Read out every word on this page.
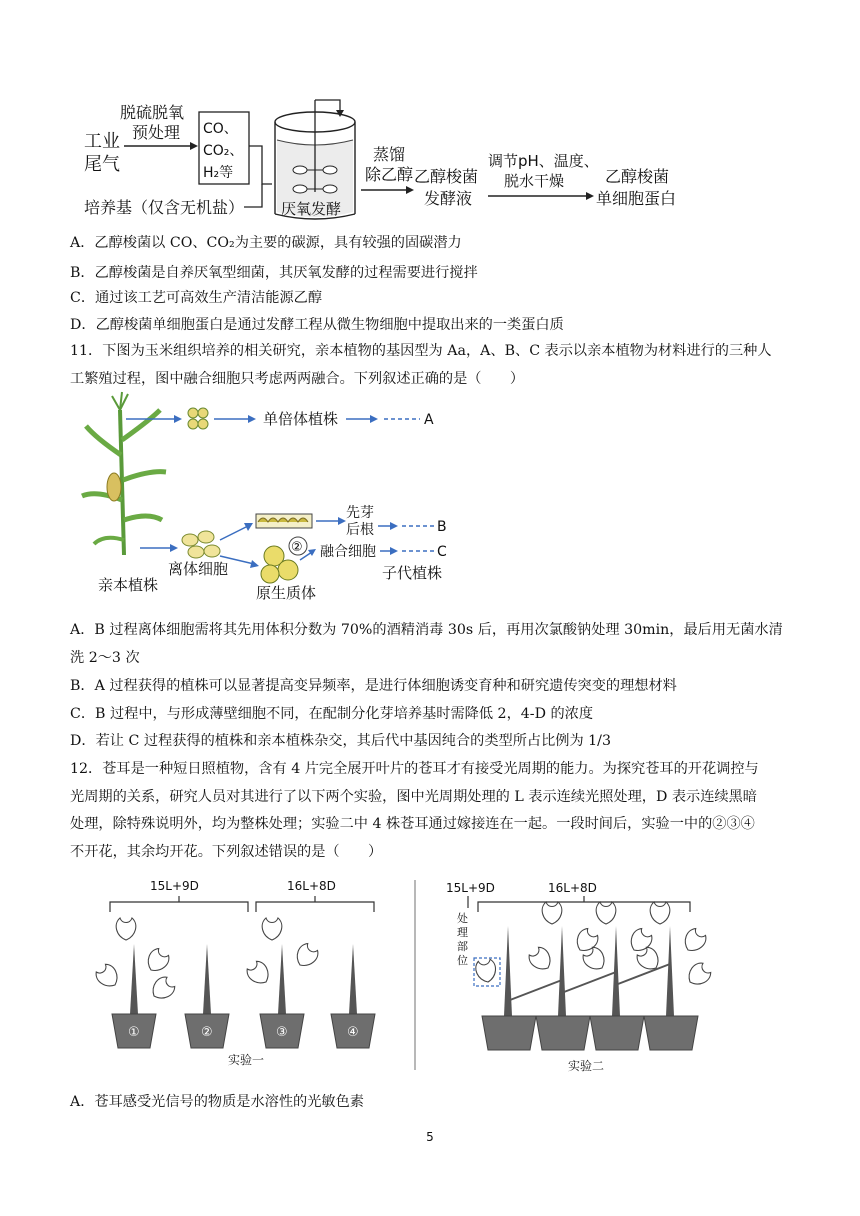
工业
尾气
脱硫脱氧
预处理 CO、
CO₂、
H₂等
培养基（仅含无机盐） 厌氧发酵
蒸馏
除乙醇 乙醇梭菌
发酵液
调节pH、温度、
脱水干燥	乙醇梭菌
单细胞蛋白
A．乙醇梭菌以 CO、CO₂为主要的碳源，具有较强的固碳潜力
B．乙醇梭菌是自养厌氧型细菌，其厌氧发酵的过程需要进行搅拌
C．通过该工艺可高效生产清洁能源乙醇
D．乙醇梭菌单细胞蛋白是通过发酵工程从微生物细胞中提取出来的一类蛋白质
11．下图为玉米组织培养的相关研究，亲本植物的基因型为 Aa，A、B、C 表示以亲本植物为材料进行的三种人
工繁殖过程，图中融合细胞只考虑两两融合。下列叙述正确的是（　　）
单倍体植株	A
先芽
后根	B
② 融合细胞	C
亲本植株
离体细胞
原生质体
子代植株
A．B 过程离体细胞需将其先用体积分数为 70%的酒精消毒 30s 后，再用次氯酸钠处理 30min，最后用无菌水清
洗 2～3 次
B．A 过程获得的植株可以显著提高变异频率，是进行体细胞诱变育种和研究遗传突变的理想材料
C．B 过程中，与形成薄壁细胞不同，在配制分化芽培养基时需降低 2，4-D 的浓度
D．若让 C 过程获得的植株和亲本植株杂交，其后代中基因纯合的类型所占比例为 1/3
12．苍耳是一种短日照植物，含有 4 片完全展开叶片的苍耳才有接受光周期的能力。为探究苍耳的开花调控与
光周期的关系，研究人员对其进行了以下两个实验，图中光周期处理的 L 表示连续光照处理，D 表示连续黑暗
处理，除特殊说明外，均为整株处理；实验二中 4 株苍耳通过嫁接连在一起。一段时间后，实验一中的②③④
不开花，其余均开花。下列叙述错误的是（　　）
15L+9D	16L+8D
①	②	③	④
实验一
15L+9D	16L+8D
处
理
部
位
实验二
A．苍耳感受光信号的物质是水溶性的光敏色素
5
